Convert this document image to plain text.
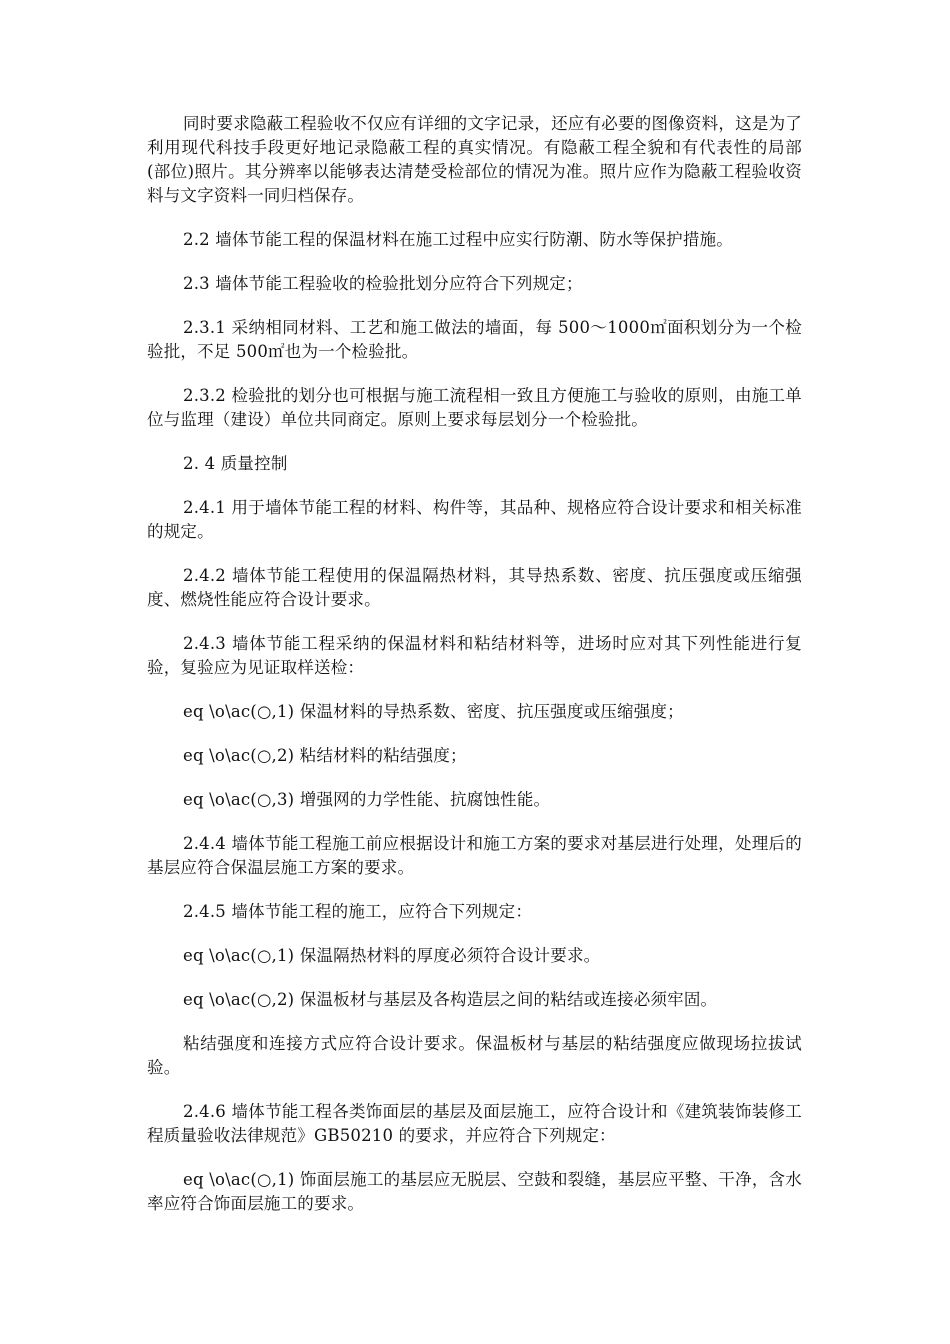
同时要求隐蔽工程验收不仅应有详细的文字记录，还应有必要的图像资料，这是为了利用现代科技手段更好地记录隐蔽工程的真实情况。有隐蔽工程全貌和有代表性的局部(部位)照片。其分辨率以能够表达清楚受检部位的情况为准。照片应作为隐蔽工程验收资料与文字资料一同归档保存。

2.2 墙体节能工程的保温材料在施工过程中应实行防潮、防水等保护措施。

2.3 墙体节能工程验收的检验批划分应符合下列规定；

2.3.1 采纳相同材料、工艺和施工做法的墙面，每 500～1000㎡面积划分为一个检验批，不足 500㎡也为一个检验批。

2.3.2 检验批的划分也可根据与施工流程相一致且方便施工与验收的原则，由施工单位与监理（建设）单位共同商定。原则上要求每层划分一个检验批。

2. 4 质量控制

2.4.1 用于墙体节能工程的材料、构件等，其品种、规格应符合设计要求和相关标准的规定。

2.4.2 墙体节能工程使用的保温隔热材料，其导热系数、密度、抗压强度或压缩强度、燃烧性能应符合设计要求。

2.4.3 墙体节能工程采纳的保温材料和粘结材料等，进场时应对其下列性能进行复验，复验应为见证取样送检：

eq \o\ac(○,1) 保温材料的导热系数、密度、抗压强度或压缩强度；

eq \o\ac(○,2) 粘结材料的粘结强度；

eq \o\ac(○,3) 增强网的力学性能、抗腐蚀性能。

2.4.4 墙体节能工程施工前应根据设计和施工方案的要求对基层进行处理，处理后的基层应符合保温层施工方案的要求。

2.4.5 墙体节能工程的施工，应符合下列规定：

eq \o\ac(○,1) 保温隔热材料的厚度必须符合设计要求。

eq \o\ac(○,2) 保温板材与基层及各构造层之间的粘结或连接必须牢固。

粘结强度和连接方式应符合设计要求。保温板材与基层的粘结强度应做现场拉拔试验。

2.4.6 墙体节能工程各类饰面层的基层及面层施工，应符合设计和《建筑装饰装修工程质量验收法律规范》GB50210 的要求，并应符合下列规定：

eq \o\ac(○,1) 饰面层施工的基层应无脱层、空鼓和裂缝，基层应平整、干净，含水率应符合饰面层施工的要求。
